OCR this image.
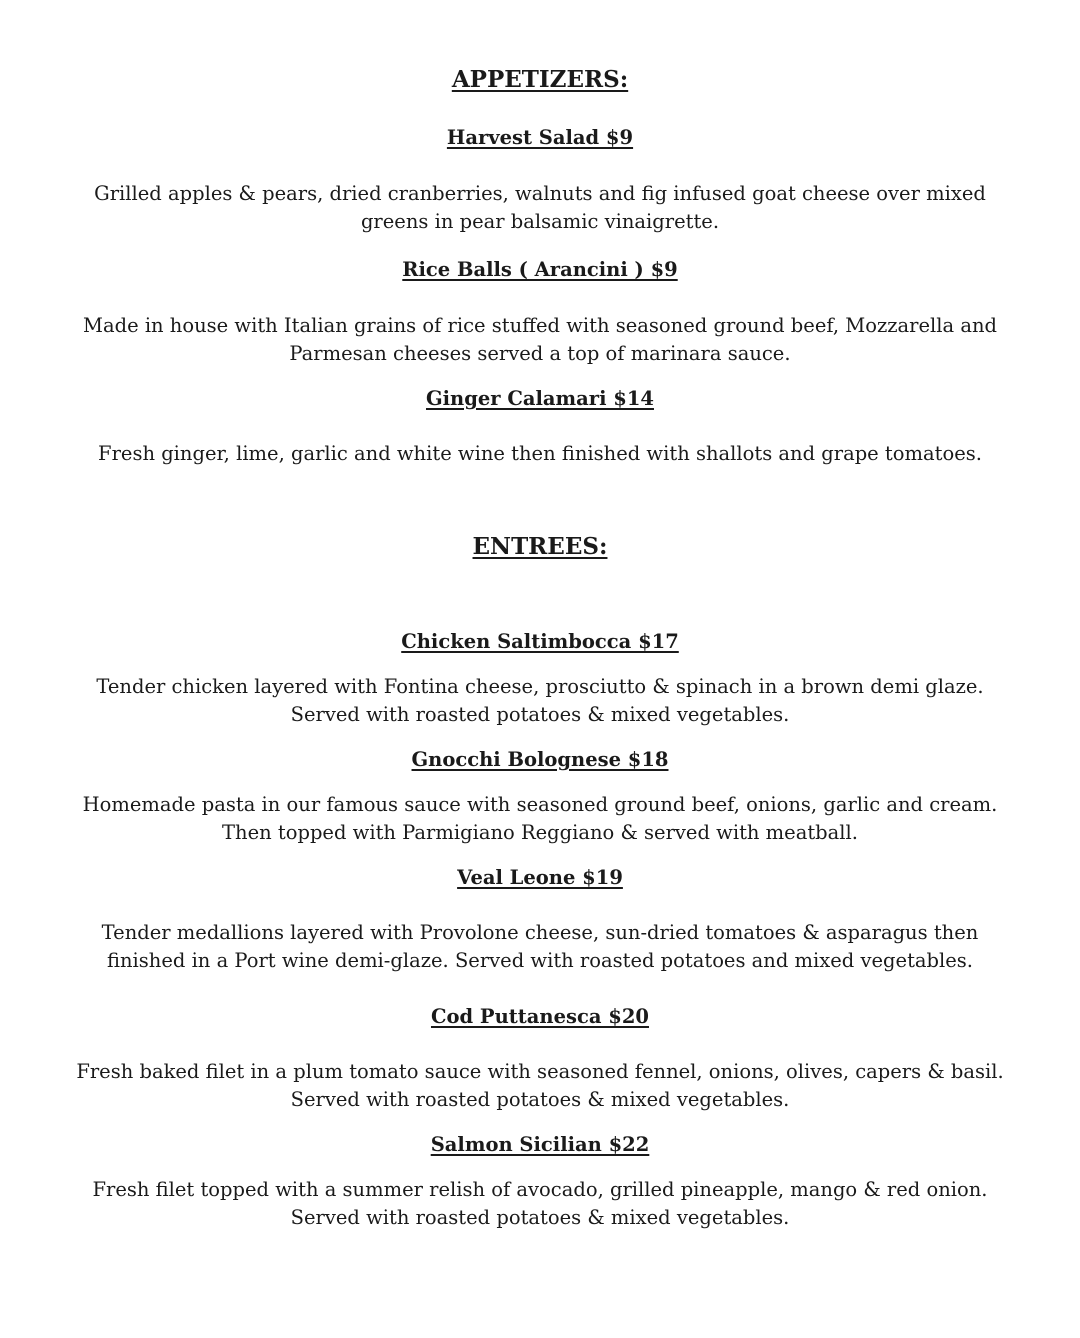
APPETIZERS:
Harvest Salad $9

Grilled apples & pears, dried cranberries, walnuts and fig infused goat cheese over mixed
greens in pear balsamic vinaigrette.

Rice Balls ( Arancini ) $9

Made in house with Italian grains of rice stuffed with seasoned ground beef, Mozzarella and
Parmesan cheeses served a top of marinara sauce.

Ginger Calamari $14

Fresh ginger, lime, garlic and white wine then finished with shallots and grape tomatoes.

ENTREES:
Chicken Saltimbocca $17

Tender chicken layered with Fontina cheese, prosciutto & spinach in a brown demi glaze.
Served with roasted potatoes & mixed vegetables.

Gnocchi Bolognese $18

Homemade pasta in our famous sauce with seasoned ground beef, onions, garlic and cream.
Then topped with Parmigiano Reggiano & served with meatball.

Veal Leone $19

Tender medallions layered with Provolone cheese, sun-dried tomatoes & asparagus then
finished in a Port wine demi-glaze. Served with roasted potatoes and mixed vegetables.

Cod Puttanesca $20

Fresh baked filet in a plum tomato sauce with seasoned fennel, onions, olives, capers & basil.
Served with roasted potatoes & mixed vegetables.

Salmon Sicilian $22

Fresh filet topped with a summer relish of avocado, grilled pineapple, mango & red onion.
Served with roasted potatoes & mixed vegetables.
